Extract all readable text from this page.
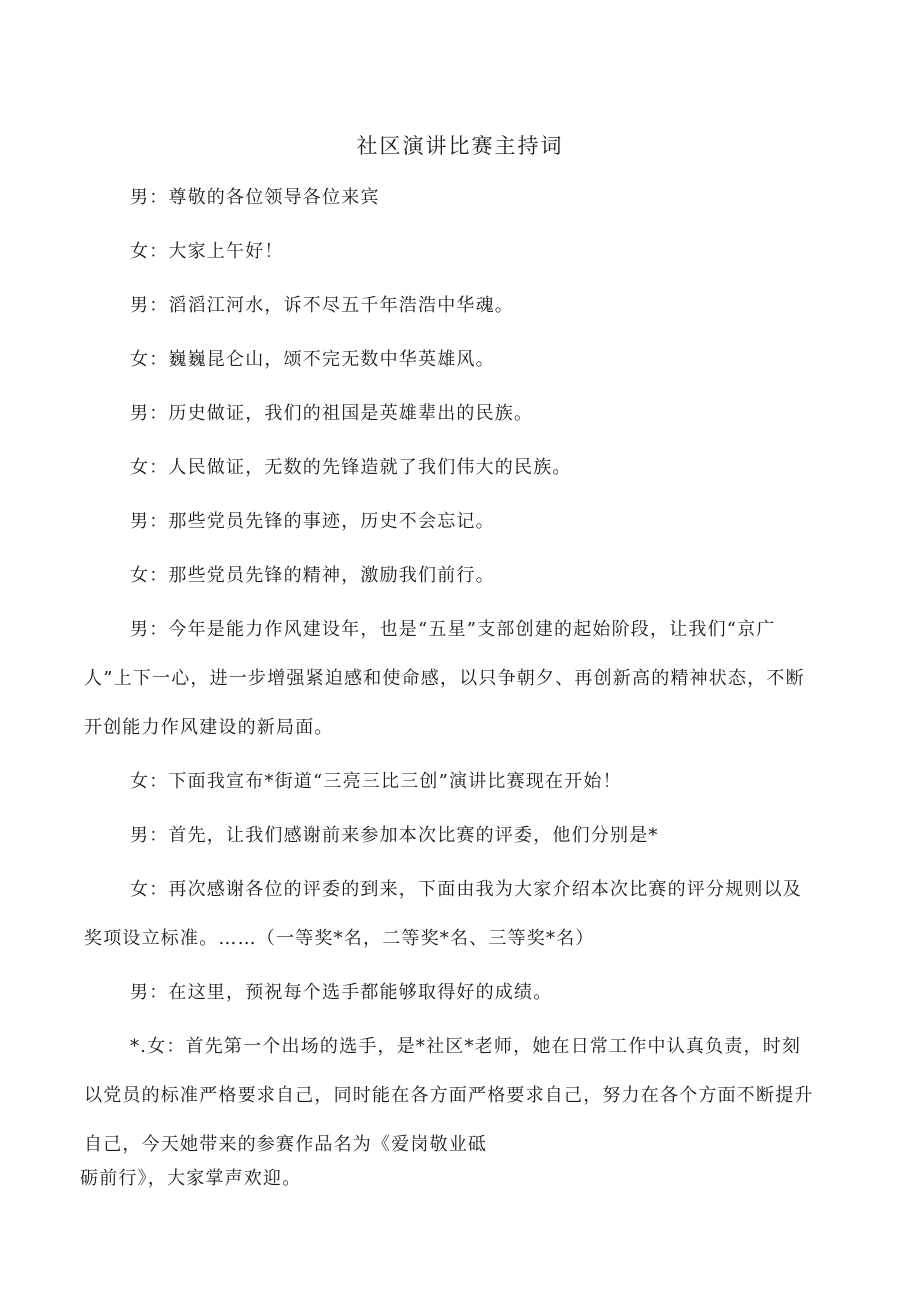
社区演讲比赛主持词
男：尊敬的各位领导各位来宾
女：大家上午好！
男：滔滔江河水，诉不尽五千年浩浩中华魂。
女：巍巍昆仑山，颂不完无数中华英雄风。
男：历史做证，我们的祖国是英雄辈出的民族。
女：人民做证，无数的先锋造就了我们伟大的民族。
男：那些党员先锋的事迹，历史不会忘记。
女：那些党员先锋的精神，激励我们前行。
男：今年是能力作风建设年，也是“五星”支部创建的起始阶段，让我们“京广
人”上下一心，进一步增强紧迫感和使命感，以只争朝夕、再创新高的精神状态，不断
开创能力作风建设的新局面。
女：下面我宣布*街道“三亮三比三创”演讲比赛现在开始！
男：首先，让我们感谢前来参加本次比赛的评委，他们分别是*
女：再次感谢各位的评委的到来，下面由我为大家介绍本次比赛的评分规则以及
奖项设立标准。……（一等奖*名，二等奖*名、三等奖*名）
男：在这里，预祝每个选手都能够取得好的成绩。
*.女：首先第一个出场的选手，是*社区*老师，她在日常工作中认真负责，时刻
以党员的标准严格要求自己，同时能在各方面严格要求自己，努力在各个方面不断提升
自己，今天她带来的参赛作品名为《爱岗敬业砥
砺前行》，大家掌声欢迎。
